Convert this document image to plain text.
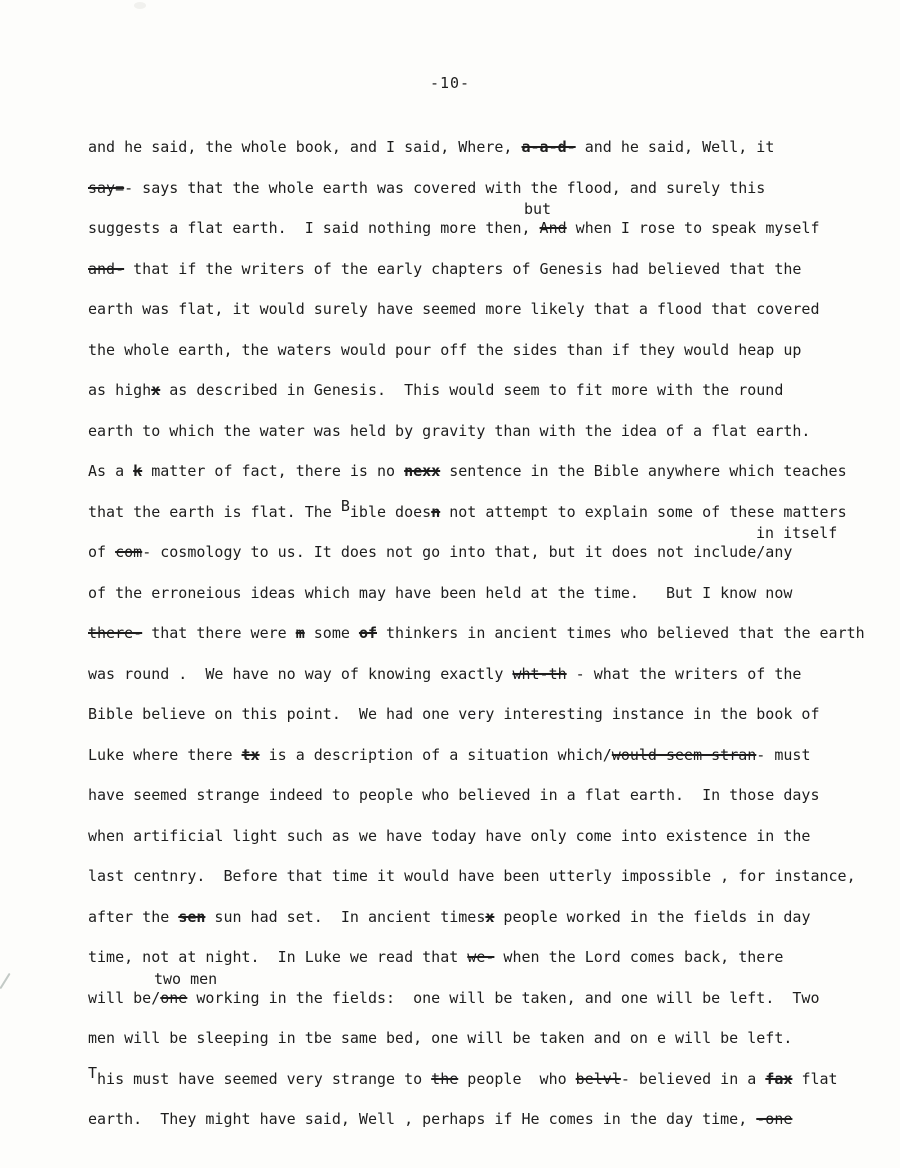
-10-
and he said, the whole book, and I said, Where, a-a-d- and he said, Well, it
say=- says that the whole earth was covered with the flood, and surely this
but
suggests a flat earth.  I said nothing more then, And when I rose to speak myself
and- that if the writers of the early chapters of Genesis had believed that the
earth was flat, it would surely have seemed more likely that a flood that covered
the whole earth, the waters would pour off the sides than if they would heap up
as highx as described in Genesis.  This would seem to fit more with the round
earth to which the water was held by gravity than with the idea of a flat earth.
As a k matter of fact, there is no nexx sentence in the Bible anywhere which teaches
that the earth is flat. The Bible doesn not attempt to explain some of these matters
in itself
of com- cosmology to us. It does not go into that, but it does not include/any
of the erroneious ideas which may have been held at the time.   But I know now
there- that there were m some of thinkers in ancient times who believed that the earth
was round .  We have no way of knowing exactly wht-th - what the writers of the
Bible believe on this point.  We had one very interesting instance in the book of
Luke where there tx is a description of a situation which/would seem stran- must
have seemed strange indeed to people who believed in a flat earth.  In those days
when artificial light such as we have today have only come into existence in the
last centnry.  Before that time it would have been utterly impossible , for instance,
after the sen sun had set.  In ancient timesx people worked in the fields in day
time, not at night.  In Luke we read that we- when the Lord comes back, there
two men
will be/one working in the fields:  one will be taken, and one will be left.  Two
men will be sleeping in tbe same bed, one will be taken and on e will be left.
This must have seemed very strange to the people  who belvl- believed in a fax flat
earth.  They might have said, Well , perhaps if He comes in the day time, -one
